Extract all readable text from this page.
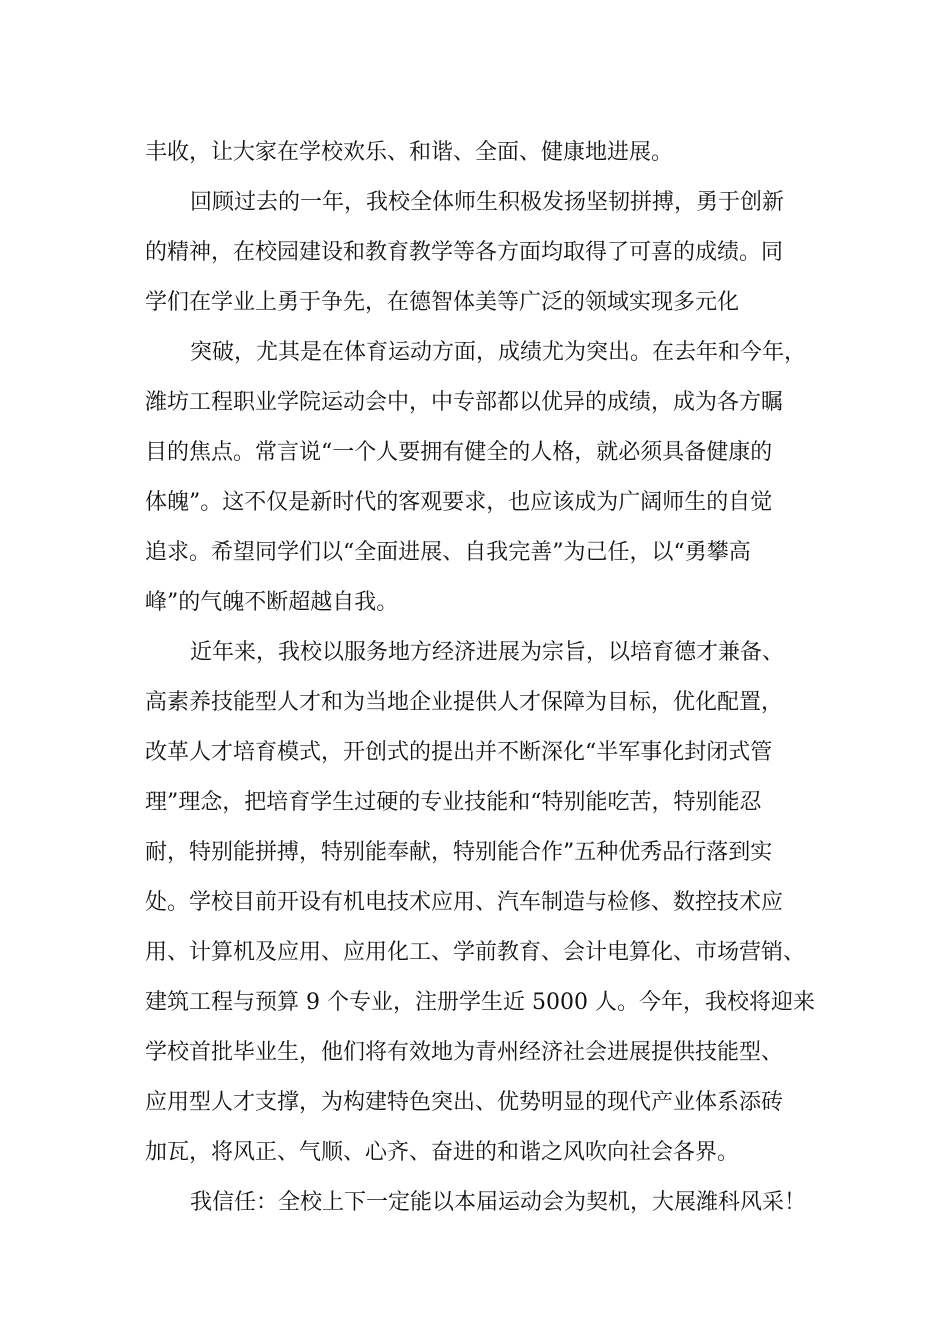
丰收，让大家在学校欢乐、和谐、全面、健康地进展。
回顾过去的一年，我校全体师生积极发扬坚韧拼搏，勇于创新
的精神，在校园建设和教育教学等各方面均取得了可喜的成绩。同
学们在学业上勇于争先，在德智体美等广泛的领域实现多元化
突破，尤其是在体育运动方面，成绩尤为突出。在去年和今年，
潍坊工程职业学院运动会中，中专部都以优异的成绩，成为各方瞩
目的焦点。常言说“一个人要拥有健全的人格，就必须具备健康的
体魄”。这不仅是新时代的客观要求，也应该成为广阔师生的自觉
追求。希望同学们以“全面进展、自我完善”为己任，以“勇攀高
峰”的气魄不断超越自我。
近年来，我校以服务地方经济进展为宗旨，以培育德才兼备、
高素养技能型人才和为当地企业提供人才保障为目标，优化配置，
改革人才培育模式，开创式的提出并不断深化“半军事化封闭式管
理”理念，把培育学生过硬的专业技能和“特别能吃苦，特别能忍
耐，特别能拼搏，特别能奉献，特别能合作”五种优秀品行落到实
处。学校目前开设有机电技术应用、汽车制造与检修、数控技术应
用、计算机及应用、应用化工、学前教育、会计电算化、市场营销、
建筑工程与预算 9 个专业，注册学生近 5000 人。今年，我校将迎来
学校首批毕业生，他们将有效地为青州经济社会进展提供技能型、
应用型人才支撑，为构建特色突出、优势明显的现代产业体系添砖
加瓦，将风正、气顺、心齐、奋进的和谐之风吹向社会各界。
我信任：全校上下一定能以本届运动会为契机，大展潍科风采！
